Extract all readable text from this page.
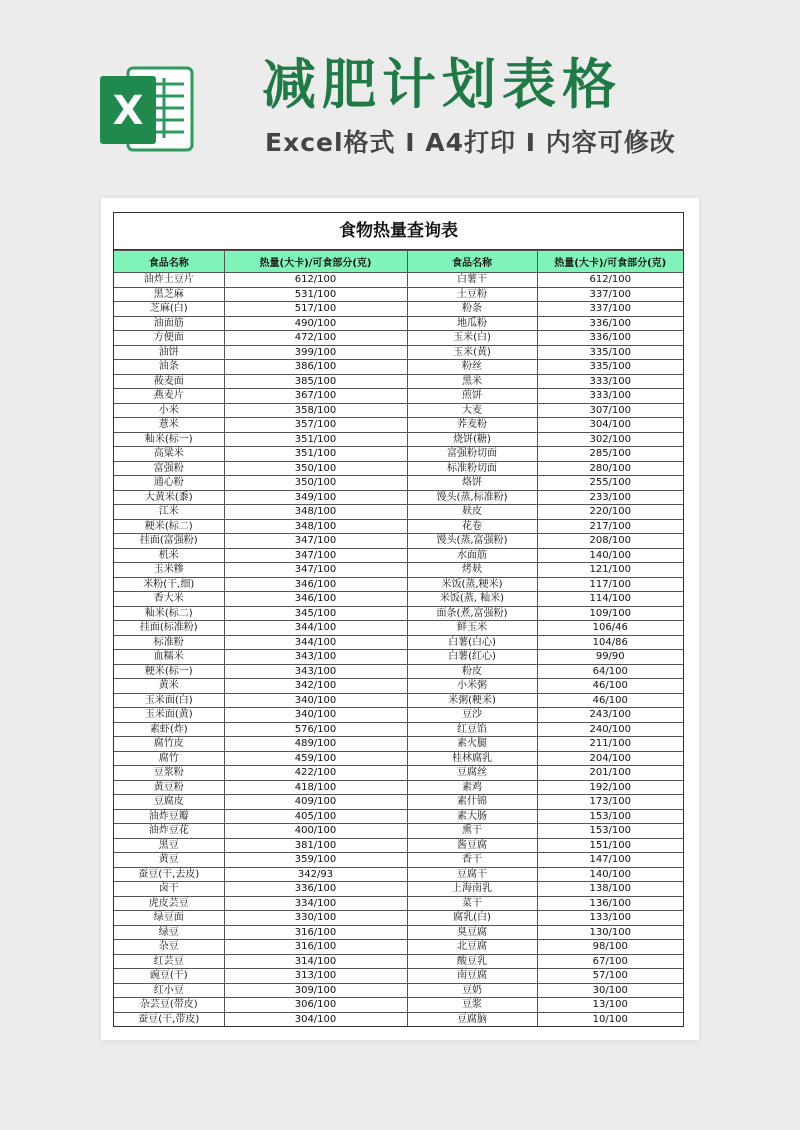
X 减肥计划表格
Excel格式 I A4打印 I 内容可修改
食物热量查询表
食品名称	热量(大卡)/可食部分(克)	食品名称	热量(大卡)/可食部分(克)
油炸土豆片	612/100	白薯干	612/100
黑芝麻	531/100	土豆粉	337/100
芝麻(白)	517/100	粉条	337/100
油面筋	490/100	地瓜粉	336/100
方便面	472/100	玉米(白)	336/100
油饼	399/100	玉米(黄)	335/100
油条	386/100	粉丝	335/100
莜麦面	385/100	黑米	333/100
燕麦片	367/100	煎饼	333/100
小米	358/100	大麦	307/100
薏米	357/100	荞麦粉	304/100
籼米(标一)	351/100	烧饼(糖)	302/100
高粱米	351/100	富强粉切面	285/100
富强粉	350/100	标准粉切面	280/100
通心粉	350/100	烙饼	255/100
大黄米(黍)	349/100	馒头(蒸,标准粉)	233/100
江米	348/100	麸皮	220/100
粳米(标二)	348/100	花卷	217/100
挂面(富强粉)	347/100	馒头(蒸,富强粉)	208/100
机米	347/100	水面筋	140/100
玉米糁	347/100	烤麸	121/100
米粉(干,细)	346/100	米饭(蒸,粳米)	117/100
香大米	346/100	米饭(蒸, 籼米)	114/100
籼米(标二)	345/100	面条(煮,富强粉)	109/100
挂面(标准粉)	344/100	鲜玉米	106/46
标准粉	344/100	白薯(白心)	104/86
血糯米	343/100	白薯(红心)	99/90
粳米(标一)	343/100	粉皮	64/100
黄米	342/100	小米粥	46/100
玉米面(白)	340/100	米粥(粳米)	46/100
玉米面(黄)	340/100	豆沙	243/100
素虾(炸)	576/100	红豆馅	240/100
腐竹皮	489/100	素火腿	211/100
腐竹	459/100	桂林腐乳	204/100
豆浆粉	422/100	豆腐丝	201/100
黄豆粉	418/100	素鸡	192/100
豆腐皮	409/100	素什锦	173/100
油炸豆瓣	405/100	素大肠	153/100
油炸豆花	400/100	熏干	153/100
黑豆	381/100	酱豆腐	151/100
黄豆	359/100	香干	147/100
蚕豆(干,去皮)	342/93	豆腐干	140/100
卤干	336/100	上海南乳	138/100
虎皮芸豆	334/100	菜干	136/100
绿豆面	330/100	腐乳(白)	133/100
绿豆	316/100	臭豆腐	130/100
杂豆	316/100	北豆腐	98/100
红芸豆	314/100	酸豆乳	67/100
豌豆(干)	313/100	南豆腐	57/100
红小豆	309/100	豆奶	30/100
杂芸豆(带皮)	306/100	豆浆	13/100
蚕豆(干,带皮)	304/100	豆腐脑	10/100
